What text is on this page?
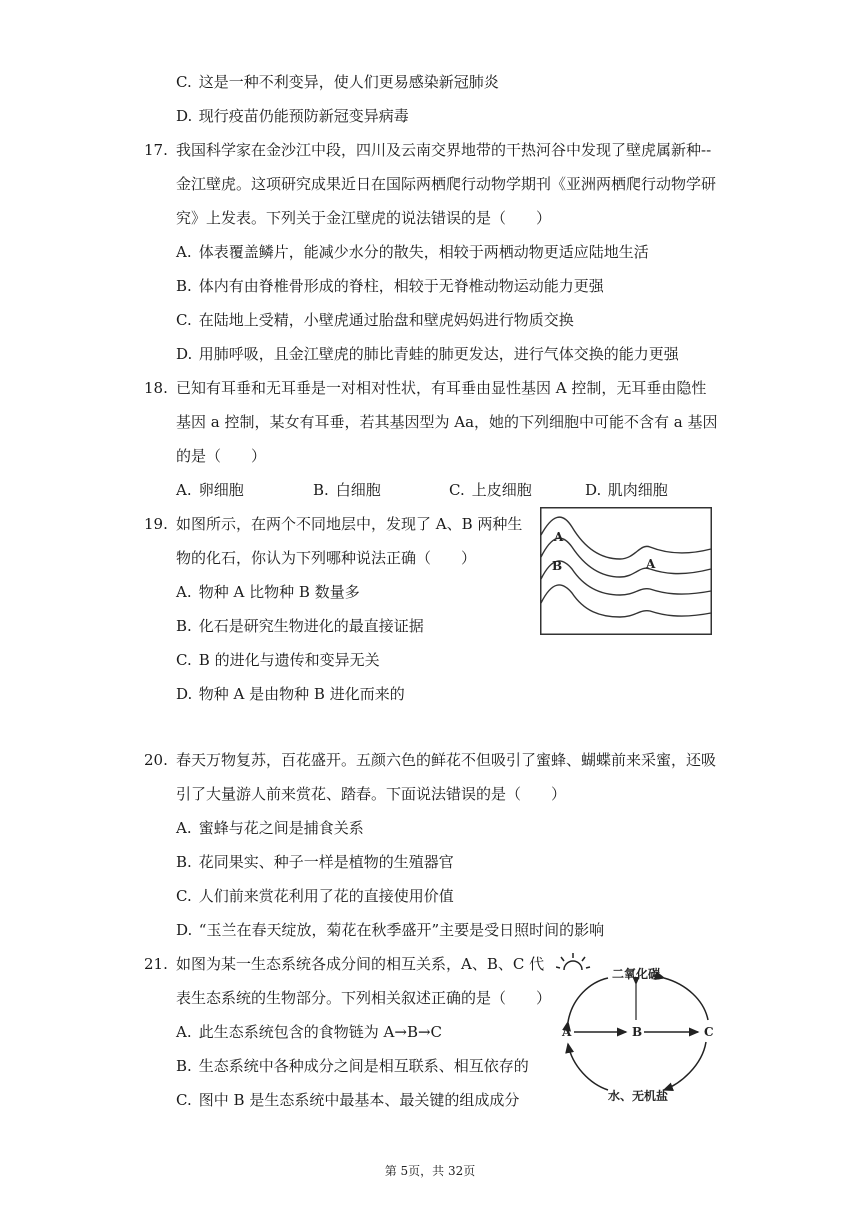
C. 这是一种不利变异，使人们更易感染新冠肺炎
D. 现行疫苗仍能预防新冠变异病毒
17. 我国科学家在金沙江中段，四川及云南交界地带的干热河谷中发现了壁虎属新种--
金江壁虎。这项研究成果近日在国际两栖爬行动物学期刊《亚洲两栖爬行动物学研
究》上发表。下列关于金江壁虎的说法错误的是（　　）
A. 体表覆盖鳞片，能减少水分的散失，相较于两栖动物更适应陆地生活
B. 体内有由脊椎骨形成的脊柱，相较于无脊椎动物运动能力更强
C. 在陆地上受精，小壁虎通过胎盘和壁虎妈妈进行物质交换
D. 用肺呼吸，且金江壁虎的肺比青蛙的肺更发达，进行气体交换的能力更强
18. 已知有耳垂和无耳垂是一对相对性状，有耳垂由显性基因 A 控制，无耳垂由隐性
基因 a 控制，某女有耳垂，若其基因型为 Aa，她的下列细胞中可能不含有 a 基因
的是（　　）
A. 卵细胞	B. 白细胞	C. 上皮细胞	D. 肌肉细胞
19. 如图所示，在两个不同地层中，发现了 A、B 两种生
物的化石，你认为下列哪种说法正确（　　）
A. 物种 A 比物种 B 数量多
B. 化石是研究生物进化的最直接证据
C. B 的进化与遗传和变异无关
D. 物种 A 是由物种 B 进化而来的
A
B	A
20. 春天万物复苏，百花盛开。五颜六色的鲜花不但吸引了蜜蜂、蝴蝶前来采蜜，还吸
引了大量游人前来赏花、踏春。下面说法错误的是（　　）
A. 蜜蜂与花之间是捕食关系
B. 花同果实、种子一样是植物的生殖器官
C. 人们前来赏花利用了花的直接使用价值
D. “玉兰在春天绽放，菊花在秋季盛开”主要是受日照时间的影响
21. 如图为某一生态系统各成分间的相互关系，A、B、C 代
表生态系统的生物部分。下列相关叙述正确的是（　　）
A. 此生态系统包含的食物链为 A→B→C
B. 生态系统中各种成分之间是相互联系、相互依存的
C. 图中 B 是生态系统中最基本、最关键的组成成分
二氧化碳
水、无机盐
A	B	C
第 5页，共 32页
